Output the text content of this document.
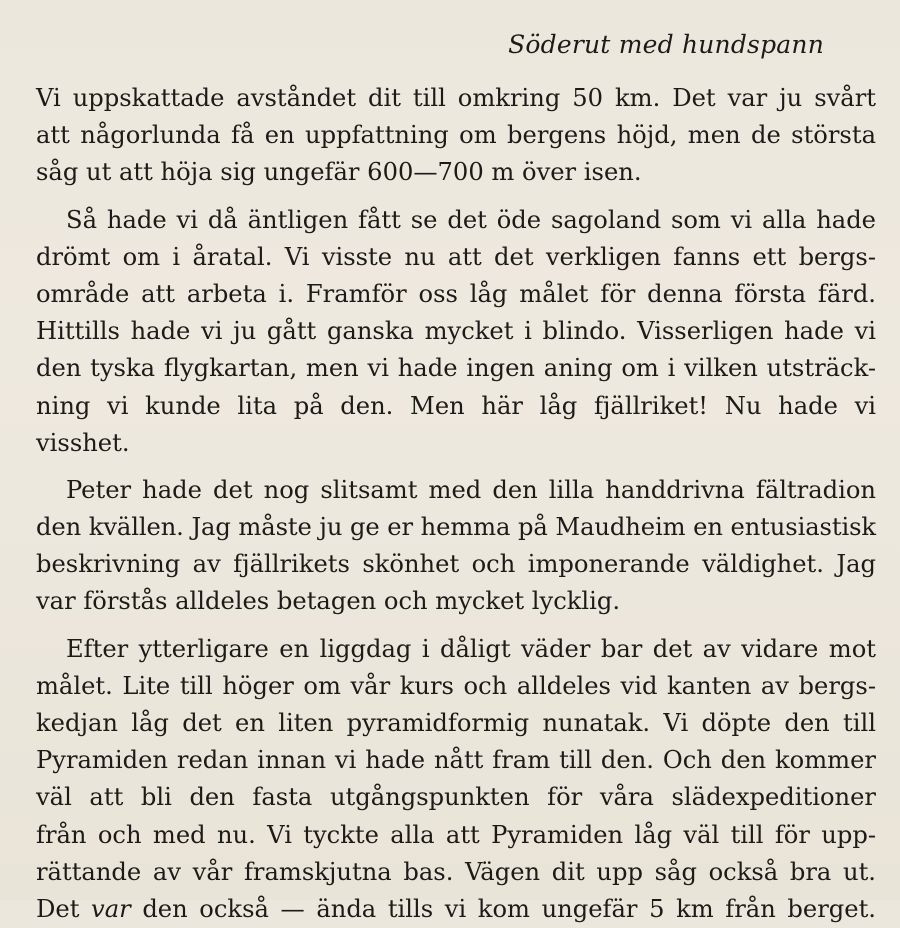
Söderut med hundspann

Vi uppskattade avståndet dit till omkring 50 km. Det var ju svårt
att någorlunda få en uppfattning om bergens höjd, men de största
såg ut att höja sig ungefär 600—700 m över isen.

Så hade vi då äntligen fått se det öde sagoland som vi alla hade
drömt om i åratal. Vi visste nu att det verkligen fanns ett bergs-
område att arbeta i. Framför oss låg målet för denna första färd.
Hittills hade vi ju gått ganska mycket i blindo. Visserligen hade vi
den tyska flygkartan, men vi hade ingen aning om i vilken utsträck-
ning vi kunde lita på den. Men här låg fjällriket! Nu hade vi
visshet.

Peter hade det nog slitsamt med den lilla handdrivna fältradion
den kvällen. Jag måste ju ge er hemma på Maudheim en entusiastisk
beskrivning av fjällrikets skönhet och imponerande väldighet. Jag
var förstås alldeles betagen och mycket lycklig.

Efter ytterligare en liggdag i dåligt väder bar det av vidare mot
målet. Lite till höger om vår kurs och alldeles vid kanten av bergs-
kedjan låg det en liten pyramidformig nunatak. Vi döpte den till
Pyramiden redan innan vi hade nått fram till den. Och den kommer
väl att bli den fasta utgångspunkten för våra slädexpeditioner
från och med nu. Vi tyckte alla att Pyramiden låg väl till för upp-
rättande av vår framskjutna bas. Vägen dit upp såg också bra ut.
Det var den också — ända tills vi kom ungefär 5 km från berget.
